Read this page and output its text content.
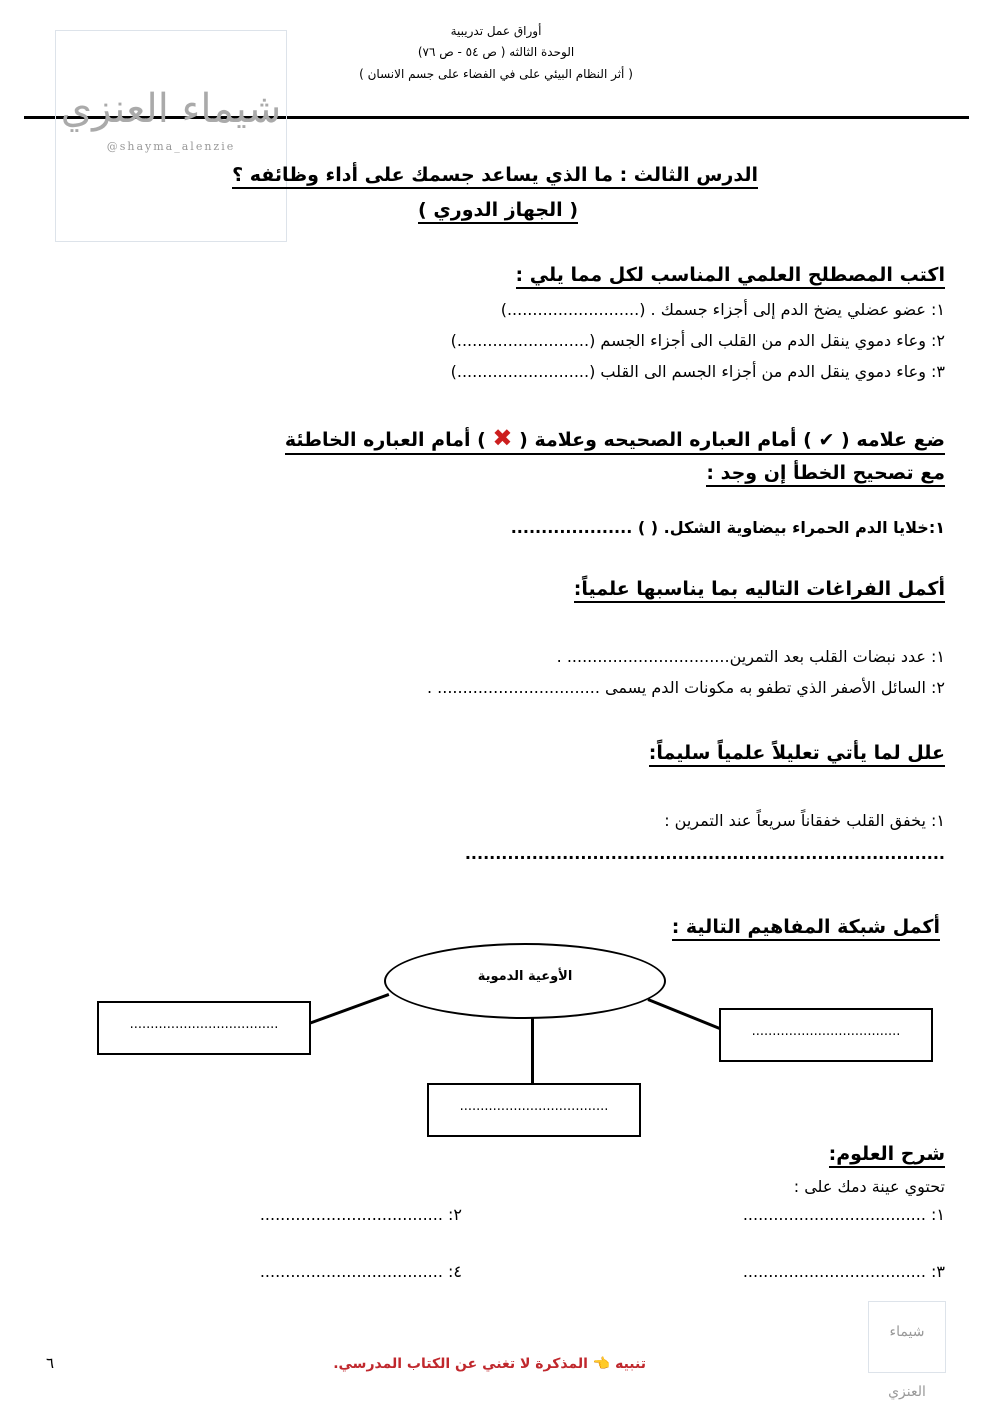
أوراق عمل تدريبية
الوحدة الثالثه ( ص ٥٤ - ص ٧٦)
( أثر النظام البيئي على في الفضاء على جسم الانسان )
شيماء العنزي
@shayma_alenzie
الدرس الثالث : ما الذي يساعد جسمك على أداء وظائفه ؟
( الجهاز الدوري )
اكتب المصطلح العلمي المناسب لكل مما يلي :
١: عضو عضلي يضخ الدم إلى أجزاء جسمك . (..........................)
٢: وعاء دموي ينقل الدم من القلب الى أجزاء الجسم (..........................)
٣: وعاء دموي ينقل الدم من أجزاء الجسم الى القلب (..........................)
ضع علامه ( ✔ ) أمام العباره الصحيحه وعلامة ( ✖ ) أمام العباره الخاطئة
مع تصحيح الخطأ إن وجد :
١:خلايا الدم الحمراء بيضاوية الشكل. ( ) ....................
أكمل الفراغات التاليه بما يناسبها علمياً:
١: عدد نبضات القلب بعد التمرين................................ .
٢: السائل الأصفر الذي تطفو به مكونات الدم يسمى ................................ .
علل لما يأتي تعليلاً علمياً سليماً:
١: يخفق القلب خفقاناً سريعاً عند التمرين :
...............................................................................
أكمل شبكة المفاهيم التالية :
الأوعية الدموية
....................................	....................................
....................................
شرح العلوم:
تحتوي عينة دمك على :
١: ....................................
٢: ....................................
٣: ....................................
٤: ....................................
شيماء العنزي
تنبيه 👈 المذكرة لا تغني عن الكتاب المدرسي.
٦
